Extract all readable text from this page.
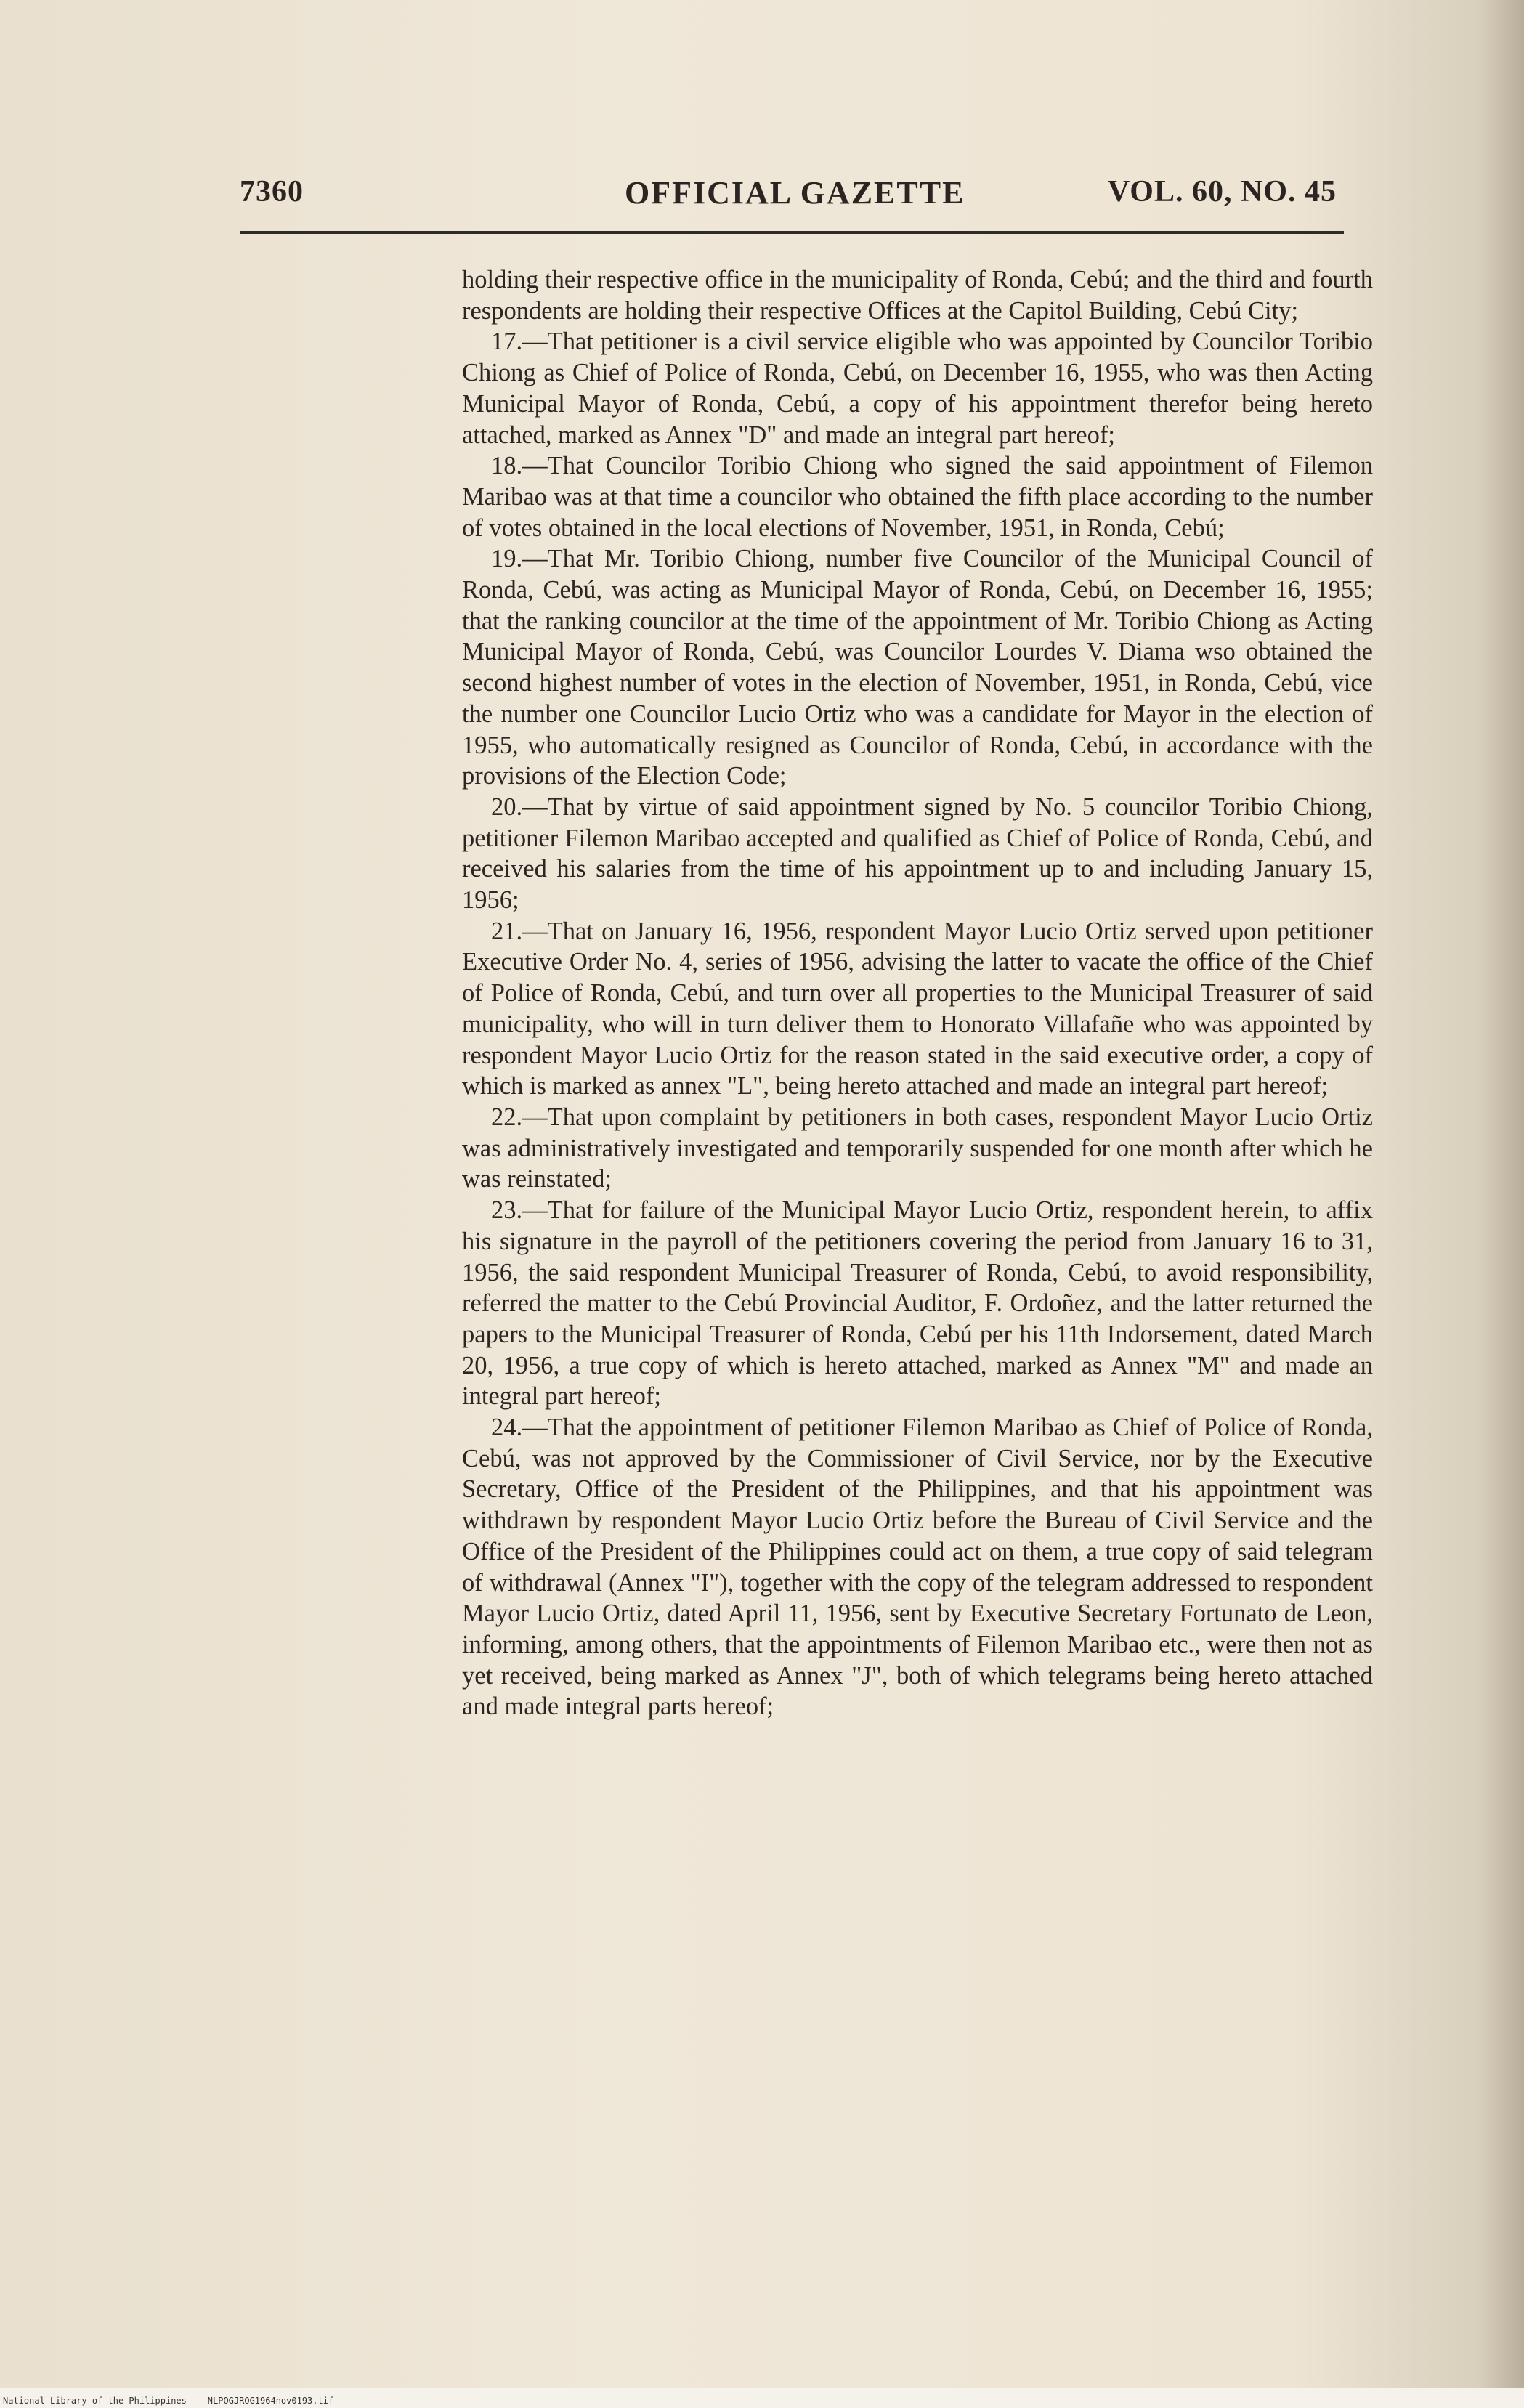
7360	OFFICIAL GAZETTE	VOL. 60, NO. 45

holding their respective office in the municipality of Ronda, Cebú; and the third and fourth respondents are holding their respective Offices at the Capitol Building, Cebú City;

17.—That petitioner is a civil service eligible who was appointed by Councilor Toribio Chiong as Chief of Police of Ronda, Cebú, on December 16, 1955, who was then Acting Municipal Mayor of Ronda, Cebú, a copy of his appointment therefor being hereto attached, marked as Annex "D" and made an integral part hereof;

18.—That Councilor Toribio Chiong who signed the said appointment of Filemon Maribao was at that time a councilor who obtained the fifth place according to the number of votes obtained in the local elections of November, 1951, in Ronda, Cebú;

19.—That Mr. Toribio Chiong, number five Councilor of the Municipal Council of Ronda, Cebú, was acting as Municipal Mayor of Ronda, Cebú, on December 16, 1955; that the ranking councilor at the time of the appointment of Mr. Toribio Chiong as Acting Municipal Mayor of Ronda, Cebú, was Councilor Lourdes V. Diama wso obtained the second highest number of votes in the election of November, 1951, in Ronda, Cebú, vice the number one Councilor Lucio Ortiz who was a candidate for Mayor in the election of 1955, who automatically resigned as Councilor of Ronda, Cebú, in accordance with the provisions of the Election Code;

20.—That by virtue of said appointment signed by No. 5 councilor Toribio Chiong, petitioner Filemon Maribao accepted and qualified as Chief of Police of Ronda, Cebú, and received his salaries from the time of his appointment up to and including January 15, 1956;

21.—That on January 16, 1956, respondent Mayor Lucio Ortiz served upon petitioner Executive Order No. 4, series of 1956, advising the latter to vacate the office of the Chief of Police of Ronda, Cebú, and turn over all properties to the Municipal Treasurer of said municipality, who will in turn deliver them to Honorato Villafañe who was appointed by respondent Mayor Lucio Ortiz for the reason stated in the said executive order, a copy of which is marked as annex "L", being hereto attached and made an integral part hereof;

22.—That upon complaint by petitioners in both cases, respondent Mayor Lucio Ortiz was administratively investigated and temporarily suspended for one month after which he was reinstated;

23.—That for failure of the Municipal Mayor Lucio Ortiz, respondent herein, to affix his signature in the payroll of the petitioners covering the period from January 16 to 31, 1956, the said respondent Municipal Treasurer of Ronda, Cebú, to avoid responsibility, referred the matter to the Cebú Provincial Auditor, F. Ordoñez, and the latter returned the papers to the Municipal Treasurer of Ronda, Cebú per his 11th Indorsement, dated March 20, 1956, a true copy of which is hereto attached, marked as Annex "M" and made an integral part hereof;

24.—That the appointment of petitioner Filemon Maribao as Chief of Police of Ronda, Cebú, was not approved by the Commissioner of Civil Service, nor by the Executive Secretary, Office of the President of the Philippines, and that his appointment was withdrawn by respondent Mayor Lucio Ortiz before the Bureau of Civil Service and the Office of the President of the Philippines could act on them, a true copy of said telegram of withdrawal (Annex "I"), together with the copy of the telegram addressed to respondent Mayor Lucio Ortiz, dated April 11, 1956, sent by Executive Secretary Fortunato de Leon, informing, among others, that the appointments of Filemon Maribao etc., were then not as yet received, being marked as Annex "J", both of which telegrams being hereto attached and made integral parts hereof;

National Library of the Philippines NLPOGJROG1964nov0193.tif
